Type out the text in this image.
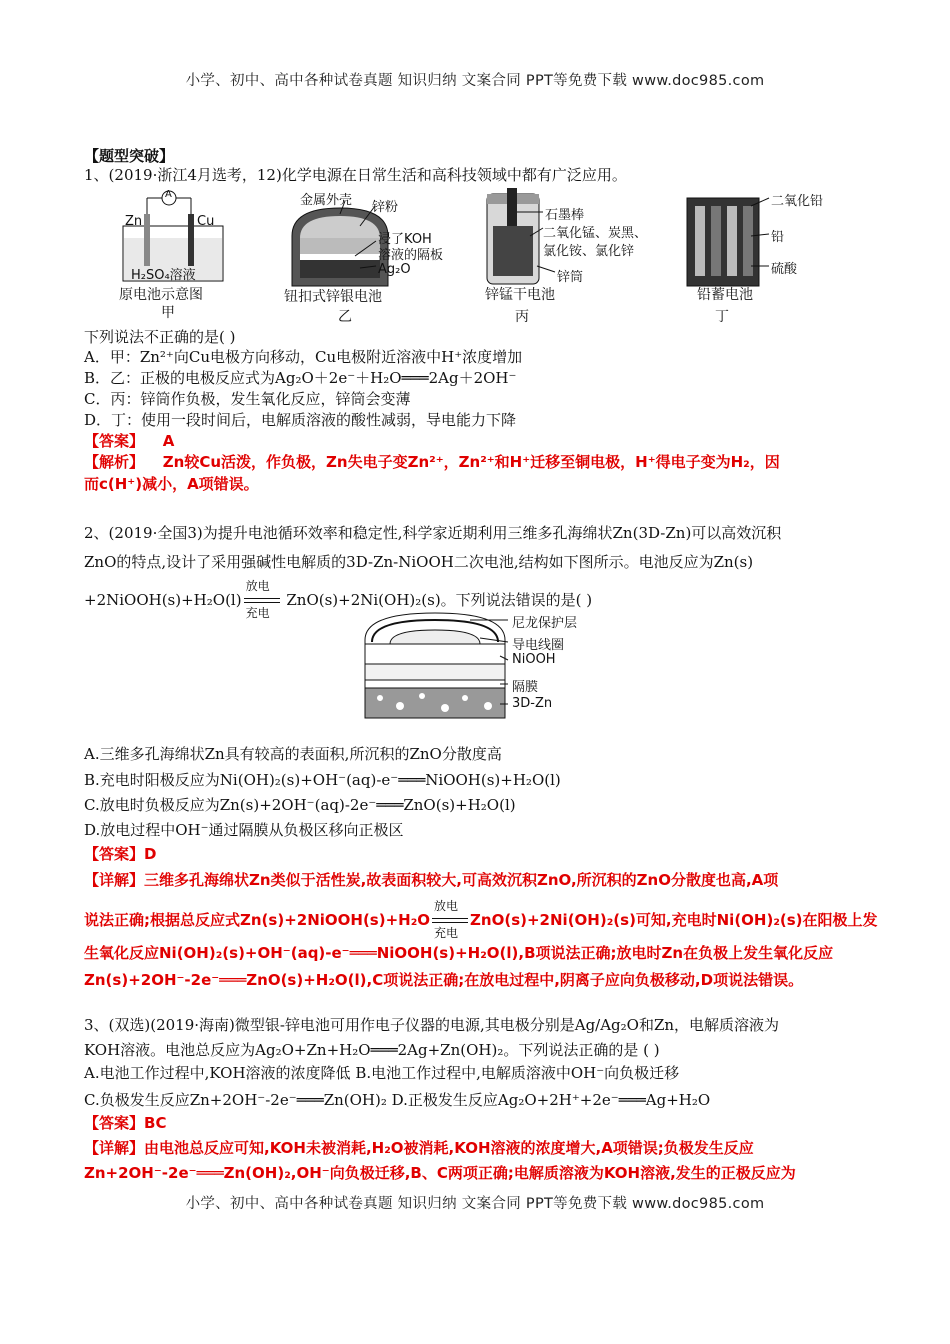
小学、初中、高中各种试卷真题 知识归纳 文案合同 PPT等免费下载 www.doc985.com
【题型突破】
1、(2019·浙江4月选考，12)化学电源在日常生活和高科技领域中都有广泛应用。
A
Zn	Cu
H₂SO₄溶液
原电池示意图
甲
金属外壳 锌粉
浸了KOH
溶液的隔板
Ag₂O
钮扣式锌银电池
乙
石墨棒
二氧化锰、炭黑、
氯化铵、氯化锌
锌筒
锌锰干电池
丙
二氧化铅
铅
硫酸
铅蓄电池
丁
下列说法不正确的是( )
A．甲：Zn²⁺向Cu电极方向移动，Cu电极附近溶液中H⁺浓度增加
B．乙：正极的电极反应式为Ag₂O＋2e⁻＋H₂O═══2Ag＋2OH⁻
C．丙：锌筒作负极，发生氧化反应，锌筒会变薄
D．丁：使用一段时间后，电解质溶液的酸性减弱，导电能力下降
【答案】 A
【解析】 Zn较Cu活泼，作负极，Zn失电子变Zn²⁺，Zn²⁺和H⁺迁移至铜电极，H⁺得电子变为H₂，因
而c(H⁺)减小，A项错误。
2、(2019·全国3)为提升电池循环效率和稳定性,科学家近期利用三维多孔海绵状Zn(3D-Zn)可以高效沉积
ZnO的特点,设计了采用强碱性电解质的3D-Zn-NiOOH二次电池,结构如下图所示。电池反应为Zn(s)
+2NiOOH(s)+H₂O(l)
放电
充电
ZnO(s)+2Ni(OH)₂(s)。下列说法错误的是( )
尼龙保护层
导电线圈
NiOOH
隔膜
3D-Zn
A.三维多孔海绵状Zn具有较高的表面积,所沉积的ZnO分散度高
B.充电时阳极反应为Ni(OH)₂(s)+OH⁻(aq)-e⁻═══NiOOH(s)+H₂O(l)
C.放电时负极反应为Zn(s)+2OH⁻(aq)-2e⁻═══ZnO(s)+H₂O(l)
D.放电过程中OH⁻通过隔膜从负极区移向正极区
【答案】D
【详解】三维多孔海绵状Zn类似于活性炭,故表面积较大,可高效沉积ZnO,所沉积的ZnO分散度也高,A项
说法正确;根据总反应式Zn(s)+2NiOOH(s)+H₂O
放电
充电
ZnO(s)+2Ni(OH)₂(s)可知,充电时Ni(OH)₂(s)在阳极上发
生氧化反应Ni(OH)₂(s)+OH⁻(aq)-e⁻═══NiOOH(s)+H₂O(l),B项说法正确;放电时Zn在负极上发生氧化反应
Zn(s)+2OH⁻-2e⁻═══ZnO(s)+H₂O(l),C项说法正确;在放电过程中,阴离子应向负极移动,D项说法错误。
3、(双选)(2019·海南)微型银-锌电池可用作电子仪器的电源,其电极分别是Ag/Ag₂O和Zn，电解质溶液为
KOH溶液。电池总反应为Ag₂O+Zn+H₂O═══2Ag+Zn(OH)₂。下列说法正确的是 ( )
A.电池工作过程中,KOH溶液的浓度降低 B.电池工作过程中,电解质溶液中OH⁻向负极迁移
C.负极发生反应Zn+2OH⁻-2e⁻═══Zn(OH)₂ D.正极发生反应Ag₂O+2H⁺+2e⁻═══Ag+H₂O
【答案】BC
【详解】由电池总反应可知,KOH未被消耗,H₂O被消耗,KOH溶液的浓度增大,A项错误;负极发生反应
Zn+2OH⁻-2e⁻═══Zn(OH)₂,OH⁻向负极迁移,B、C两项正确;电解质溶液为KOH溶液,发生的正极反应为
小学、初中、高中各种试卷真题 知识归纳 文案合同 PPT等免费下载 www.doc985.com
